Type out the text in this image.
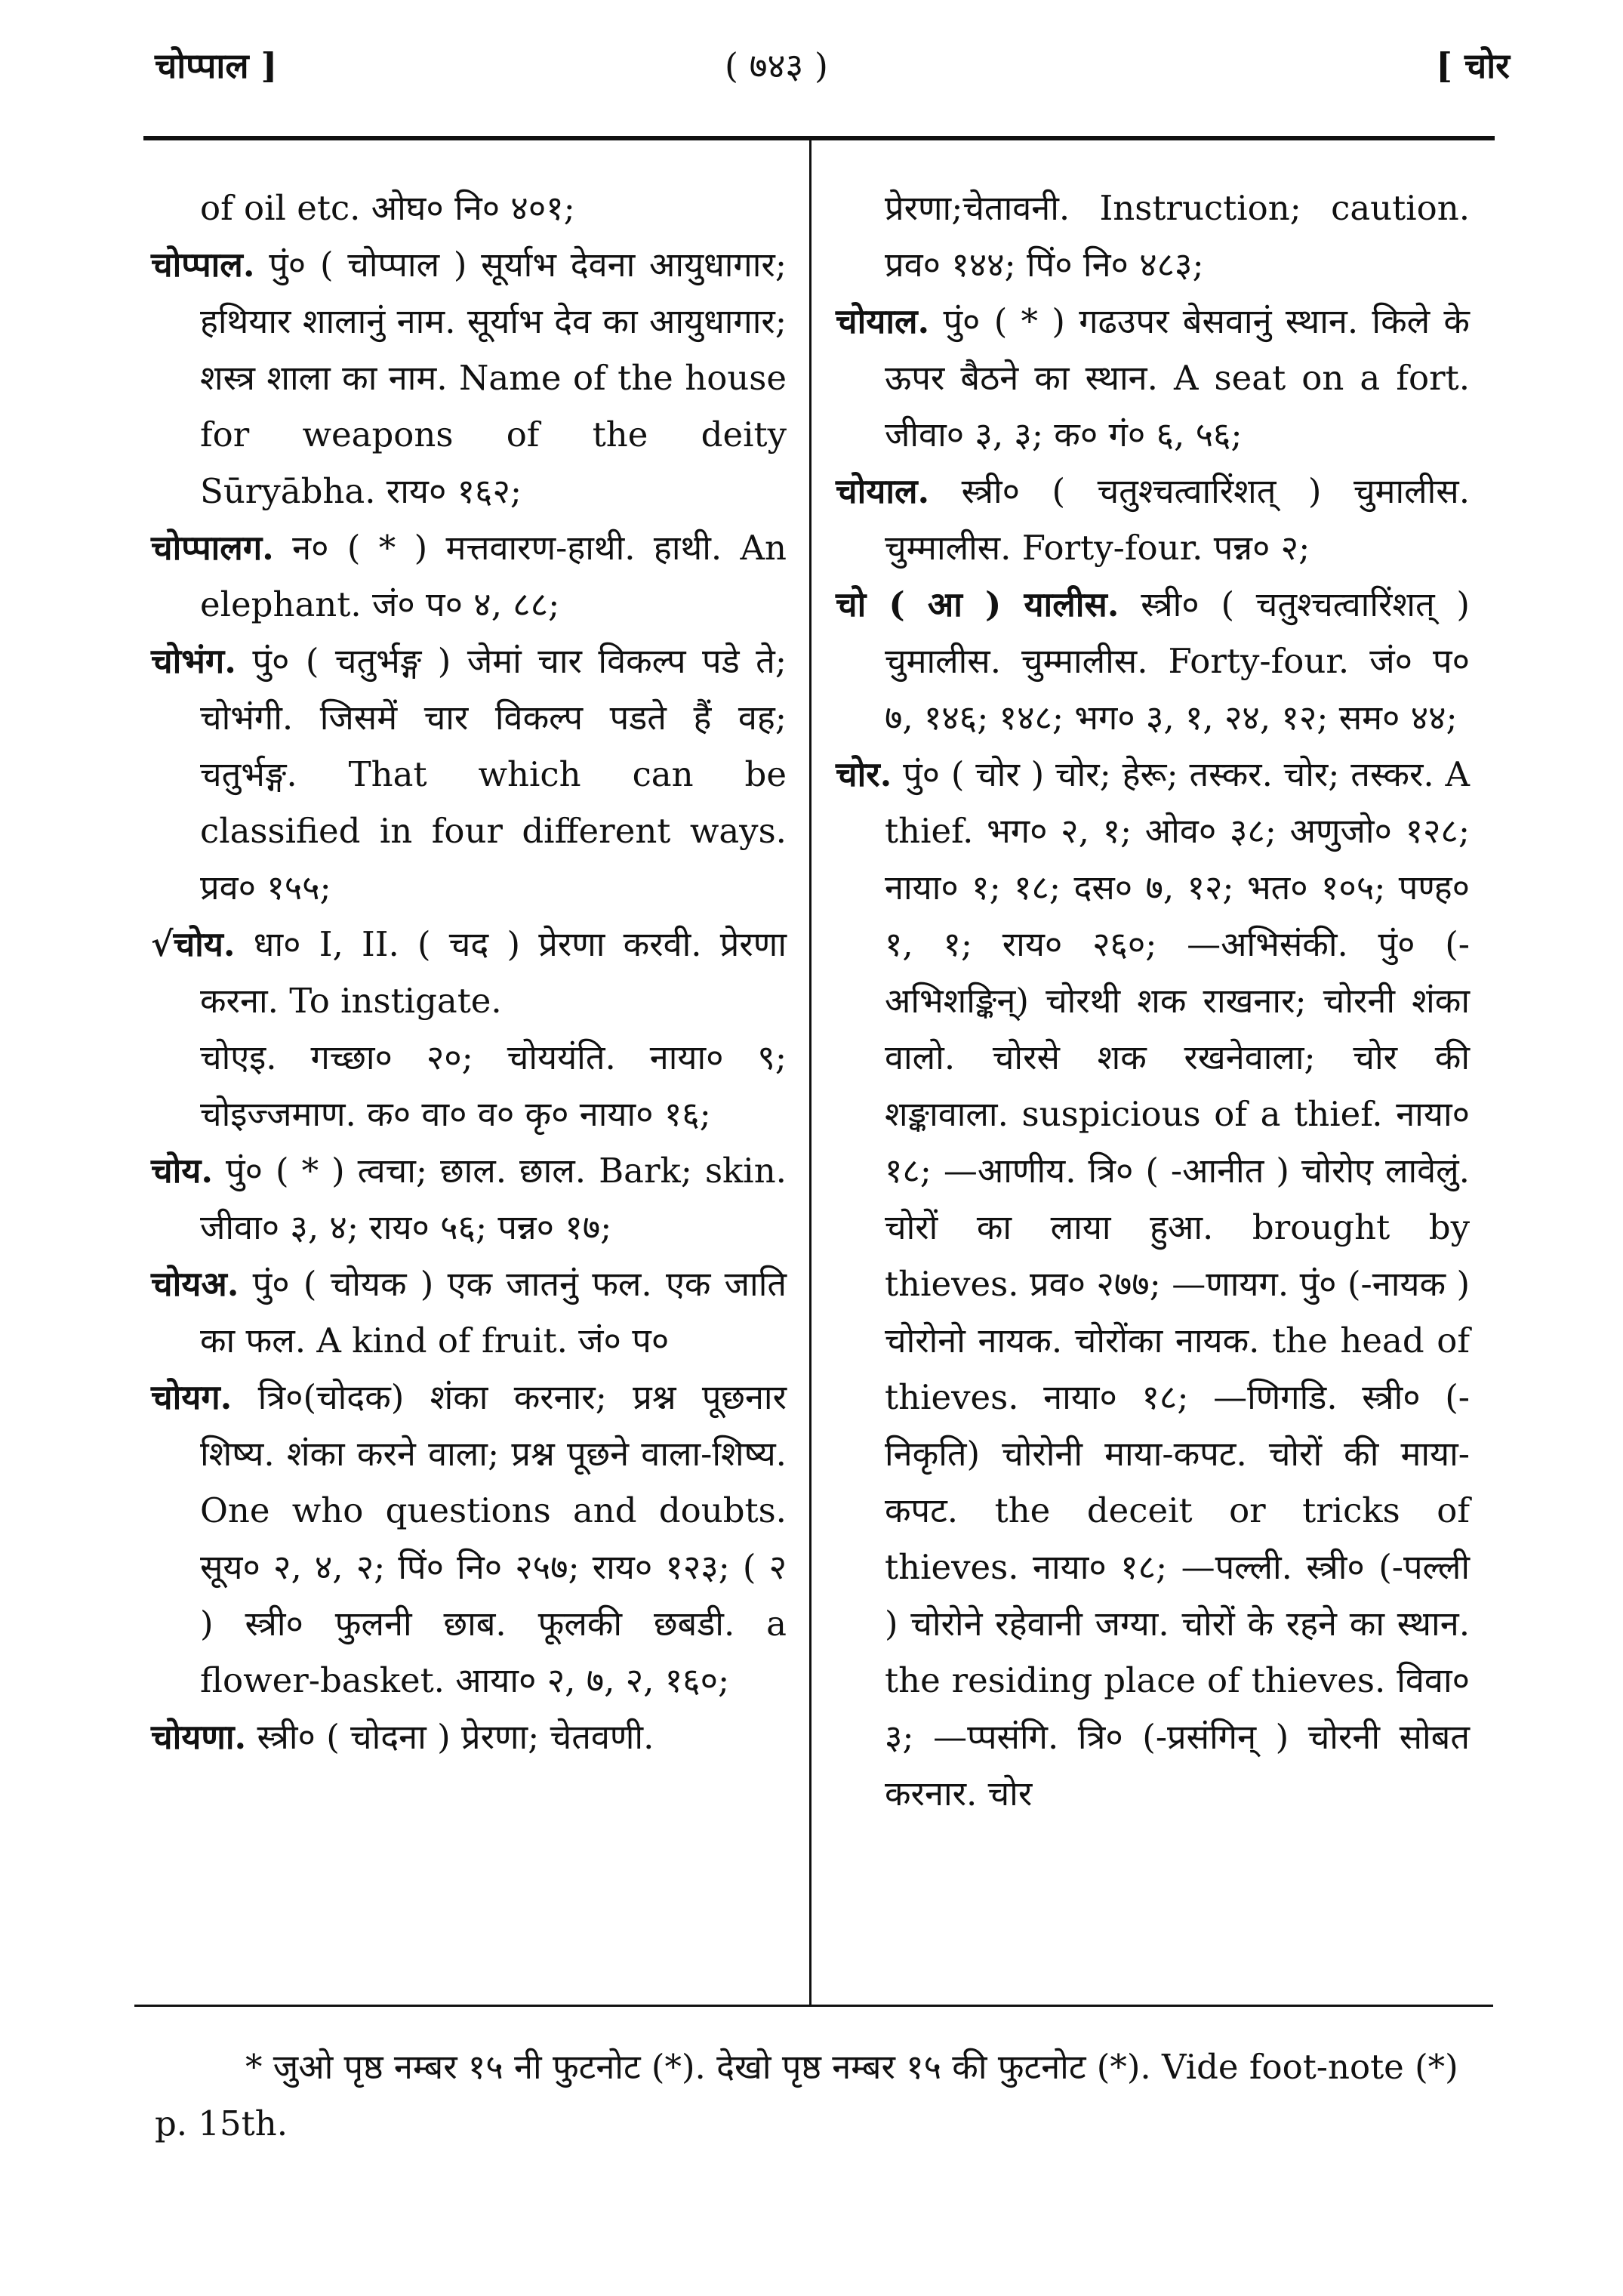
चोप्पाल ]	( ७४३ )	[ चोर

of oil etc. ओघ० नि० ४०१;

चोप्पाल. पुं० ( चोप्पाल ) सूर्याभ देवना आयुधागार; हथियार शालानुं नाम. सूर्याभ देव का आयुधागार; शस्त्र शाला का नाम. Name of the house for weapons of the deity Sūryābha. राय० १६२;

चोप्पालग. न० ( * ) मत्तवारण-हाथी. हाथी. An elephant. जं० प० ४, ८८;

चोभंग. पुं० ( चतुर्भङ्ग ) जेमां चार विकल्प पडे ते; चोभंगी. जिसमें चार विकल्प पडते हैं वह; चतुर्भङ्ग. That which can be classified in four different ways. प्रव० १५५;

√चोय. धा० I, II. ( चद ) प्रेरणा करवी. प्रेरणा करना. To instigate.

चोएइ. गच्छा० २०; चोययंति. नाया० ९; चोइज्जमाण. क० वा० व० कृ० नाया० १६;

चोय. पुं० ( * ) त्वचा; छाल. छाल. Bark; skin. जीवा० ३, ४; राय० ५६; पन्न० १७;

चोयअ. पुं० ( चोयक ) एक जातनुं फल. एक जाति का फल. A kind of fruit. जं० प०

चोयग. त्रि०(चोदक) शंका करनार; प्रश्न पूछनार शिष्य. शंका करने वाला; प्रश्न पूछने वाला-शिष्य. One who questions and doubts. सूय० २, ४, २; पिं० नि० २५७; राय० १२३; ( २ ) स्त्री० फुलनी छाब. फूलकी छबडी. a flower-basket. आया० २, ७, २, १६०;

चोयणा. स्त्री० ( चोदना ) प्रेरणा; चेतवणी.

प्रेरणा;चेतावनी. Instruction; caution. प्रव० १४४; पिं० नि० ४८३;

चोयाल. पुं० ( * ) गढउपर बेसवानुं स्थान. किले के ऊपर बैठने का स्थान. A seat on a fort. जीवा० ३, ३; क० गं० ६, ५६;

चोयाल. स्त्री० ( चतुश्चत्वारिंशत् ) चुमालीस. चुम्मालीस. Forty-four. पन्न० २;

चो ( आ ) यालीस. स्त्री० ( चतुश्चत्वारिंशत् ) चुमालीस. चुम्मालीस. Forty-four. जं० प० ७, १४६; १४८; भग० ३, १, २४, १२; सम० ४४;

चोर. पुं० ( चोर ) चोर; हेरू; तस्कर. चोर; तस्कर. A thief. भग० २, १; ओव० ३८; अणुजो० १२८; नाया० १; १८; दस० ७, १२; भत० १०५; पण्ह० १, १; राय० २६०; —अभिसंकी. पुं० (-अभिशङ्किन्) चोरथी शक राखनार; चोरनी शंका वालो. चोरसे शक रखनेवाला; चोर की शङ्कावाला. suspicious of a thief. नाया० १८; —आणीय. त्रि० ( -आनीत ) चोरोए लावेलुं. चोरों का लाया हुआ. brought by thieves. प्रव० २७७; —णायग. पुं० (-नायक ) चोरोनो नायक. चोरोंका नायक. the head of thieves. नाया० १८; —णिगडि. स्त्री० (-निकृति) चोरोनी माया-कपट. चोरों की माया-कपट. the deceit or tricks of thieves. नाया० १८; —पल्ली. स्त्री० (-पल्ली ) चोरोने रहेवानी जग्या. चोरों के रहने का स्थान. the residing place of thieves. विवा० ३; —प्पसंगि. त्रि० (-प्रसंगिन् ) चोरनी सोबत करनार. चोर

* जुओ पृष्ठ नम्बर १५ नी फुटनोट (*). देखो पृष्ठ नम्बर १५ की फुटनोट (*). Vide foot-note (*) p. 15th.
